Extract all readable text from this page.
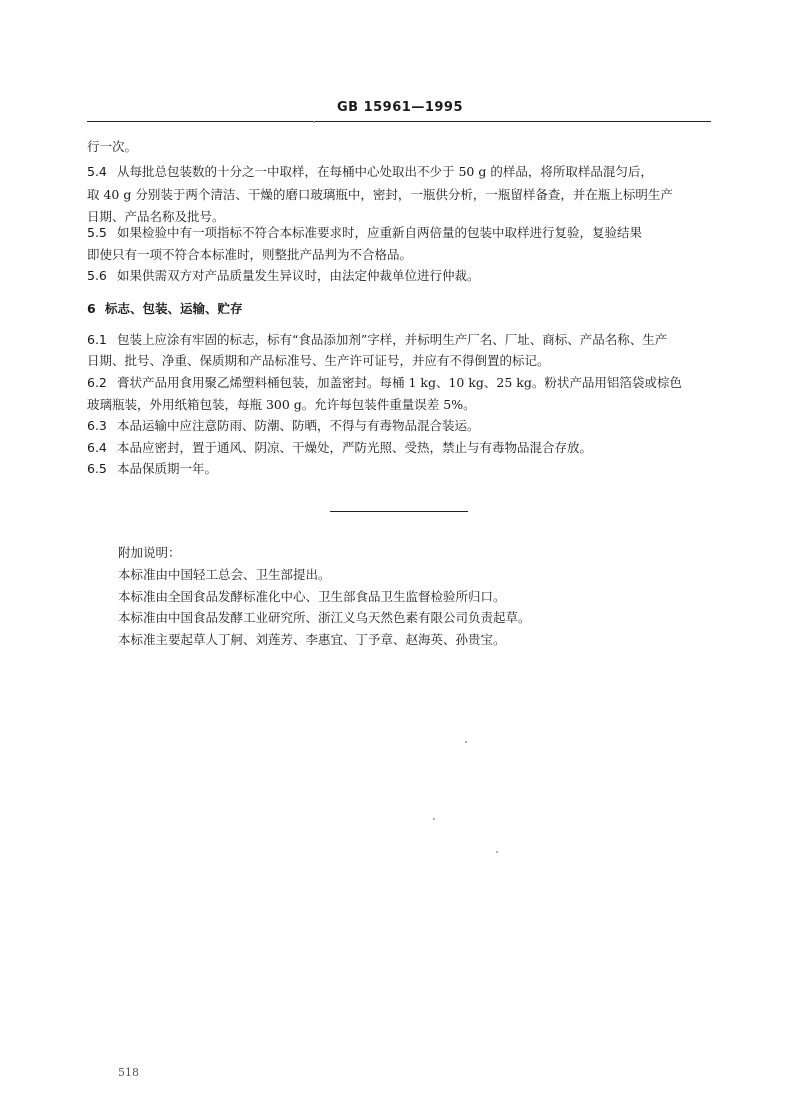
GB 15961—1995
行一次。
5.4 从每批总包装数的十分之一中取样，在每桶中心处取出不少于 50 g 的样品，将所取样品混匀后，
取 40 g 分别装于两个清洁、干燥的磨口玻璃瓶中，密封，一瓶供分析，一瓶留样备查，并在瓶上标明生产
日期、产品名称及批号。
5.5 如果检验中有一项指标不符合本标准要求时，应重新自两倍量的包装中取样进行复验，复验结果
即使只有一项不符合本标准时，则整批产品判为不合格品。
5.6 如果供需双方对产品质量发生异议时，由法定仲裁单位进行仲裁。
6 标志、包装、运输、贮存
6.1 包装上应涂有牢固的标志，标有“食品添加剂”字样，并标明生产厂名、厂址、商标、产品名称、生产
日期、批号、净重、保质期和产品标准号、生产许可证号，并应有不得倒置的标记。
6.2 膏状产品用食用聚乙烯塑料桶包装，加盖密封。每桶 1 kg、10 kg、25 kg。粉状产品用铝箔袋或棕色
玻璃瓶装，外用纸箱包装，每瓶 300 g。允许每包装件重量误差 5%。
6.3 本品运输中应注意防雨、防潮、防晒，不得与有毒物品混合装运。
6.4 本品应密封，置于通风、阴凉、干燥处，严防光照、受热，禁止与有毒物品混合存放。
6.5 本品保质期一年。
附加说明：
本标准由中国轻工总会、卫生部提出。
本标准由全国食品发酵标准化中心、卫生部食品卫生监督检验所归口。
本标准由中国食品发酵工业研究所、浙江义乌天然色素有限公司负责起草。
本标准主要起草人丁舸、刘莲芳、李惠宜、丁予章、赵海英、孙贵宝。
518
